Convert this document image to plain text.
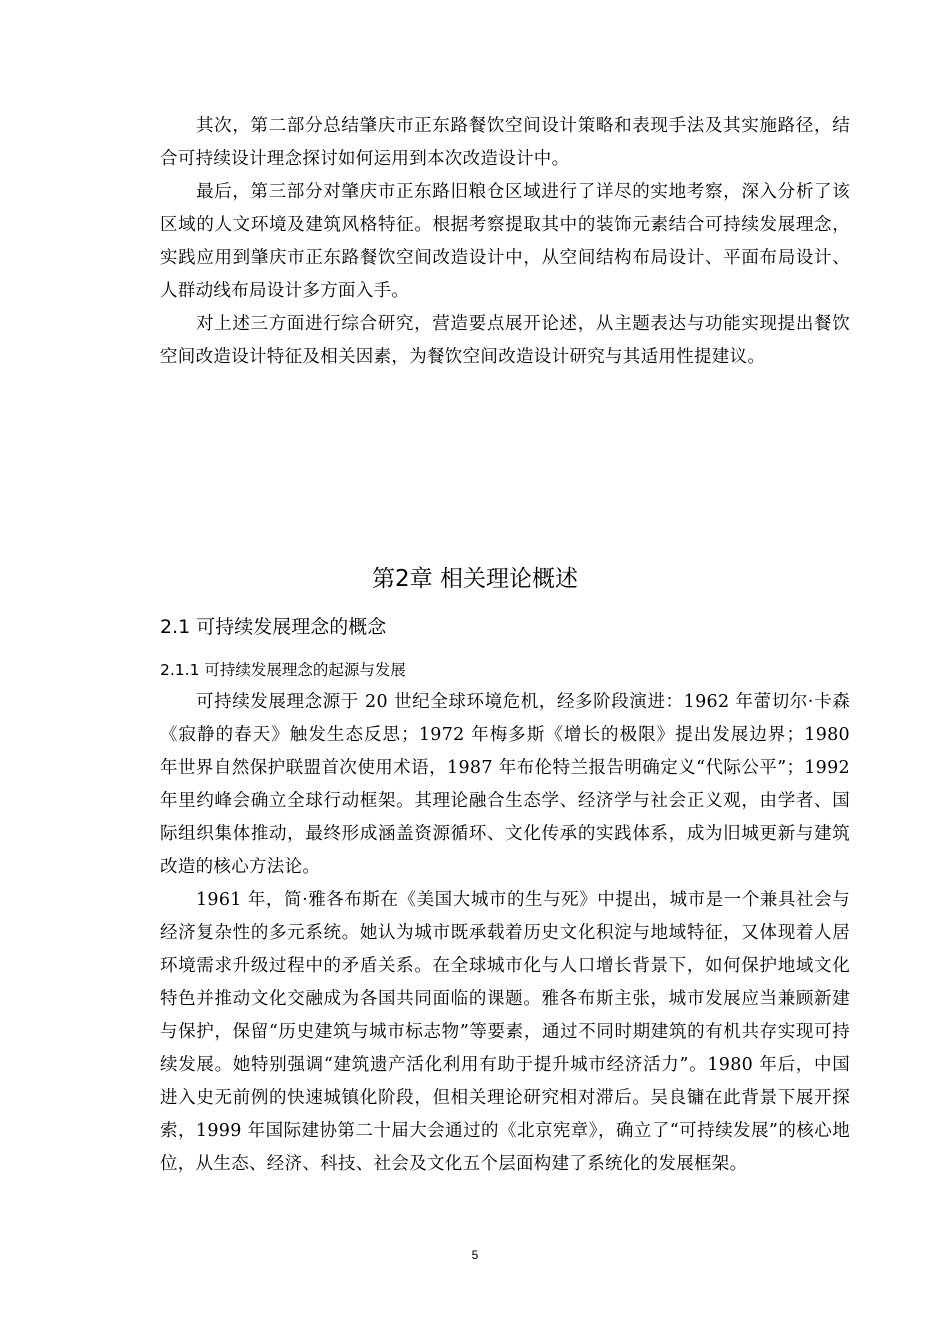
其次，第二部分总结肇庆市正东路餐饮空间设计策略和表现手法及其实施路径，结合可持续设计理念探讨如何运用到本次改造设计中。

最后，第三部分对肇庆市正东路旧粮仓区域进行了详尽的实地考察，深入分析了该区域的人文环境及建筑风格特征。根据考察提取其中的装饰元素结合可持续发展理念，实践应用到肇庆市正东路餐饮空间改造设计中，从空间结构布局设计、平面布局设计、人群动线布局设计多方面入手。

对上述三方面进行综合研究，营造要点展开论述，从主题表达与功能实现提出餐饮空间改造设计特征及相关因素，为餐饮空间改造设计研究与其适用性提建议。

第2章 相关理论概述
2.1 可持续发展理念的概念
2.1.1 可持续发展理念的起源与发展

可持续发展理念源于 20 世纪全球环境危机，经多阶段演进：1962 年蕾切尔·卡森《寂静的春天》触发生态反思；1972 年梅多斯《增长的极限》提出发展边界；1980 年世界自然保护联盟首次使用术语，1987 年布伦特兰报告明确定义“代际公平”；1992 年里约峰会确立全球行动框架。其理论融合生态学、经济学与社会正义观，由学者、国际组织集体推动，最终形成涵盖资源循环、文化传承的实践体系，成为旧城更新与建筑改造的核心方法论。

1961 年，简·雅各布斯在《美国大城市的生与死》中提出，城市是一个兼具社会与经济复杂性的多元系统。她认为城市既承载着历史文化积淀与地域特征，又体现着人居环境需求升级过程中的矛盾关系。在全球城市化与人口增长背景下，如何保护地域文化特色并推动文化交融成为各国共同面临的课题。雅各布斯主张，城市发展应当兼顾新建与保护，保留“历史建筑与城市标志物”等要素，通过不同时期建筑的有机共存实现可持续发展。她特别强调“建筑遗产活化利用有助于提升城市经济活力”。1980 年后，中国进入史无前例的快速城镇化阶段，但相关理论研究相对滞后。吴良镛在此背景下展开探索，1999 年国际建协第二十届大会通过的《北京宪章》，确立了“可持续发展”的核心地位，从生态、经济、科技、社会及文化五个层面构建了系统化的发展框架。

5
